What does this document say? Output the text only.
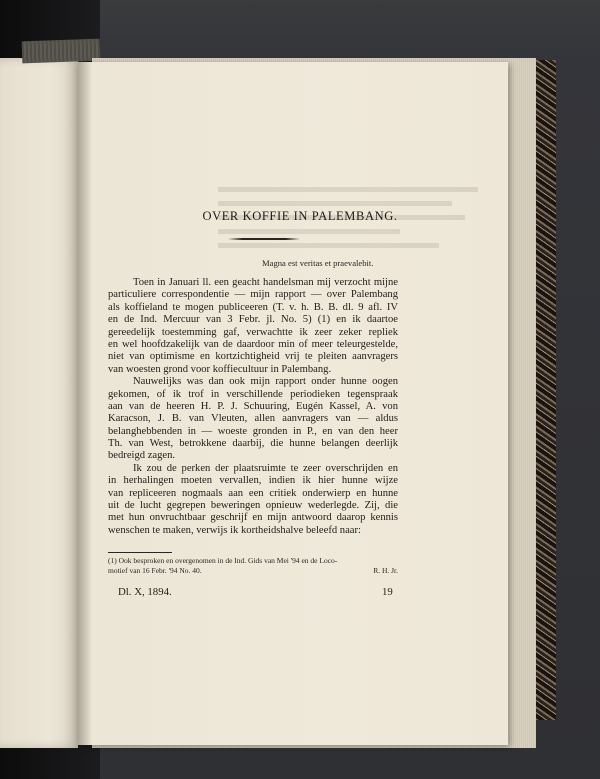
OVER KOFFIE IN PALEMBANG.
Magna est veritas et praevalebit.
Toen in Januari ll. een geacht handelsman mij verzocht mijne
particuliere correspondentie — mijn rapport — over Palembang
als koffieland te mogen publiceeren (T. v. h. B. B. dl. 9 afl. IV
en de Ind. Mercuur van 3 Febr. jl. No. 5) (1) en ik daartoe
gereedelijk toestemming gaf, verwachtte ik zeer zeker repliek
en wel hoofdzakelijk van de daardoor min of meer teleurgestelde,
niet van optimisme en kortzichtigheid vrij te pleiten aanvragers
van woesten grond voor koffiecultuur in Palembang.
Nauwelijks was dan ook mijn rapport onder hunne oogen
gekomen, of ik trof in verschillende periodieken tegenspraak
aan van de heeren H. P. J. Schuuring, Eugén Kassel, A. von
Karacson, J. B. van Vleuten, allen aanvragers van — aldus
belanghebbenden in — woeste gronden in P., en van den heer
Th. van West, betrokkene daarbij, die hunne belangen deerlijk
bedreigd zagen.
Ik zou de perken der plaatsruimte te zeer overschrijden en
in herhalingen moeten vervallen, indien ik hier hunne wijze
van repliceeren nogmaals aan een critiek onderwierp en hunne
uit de lucht gegrepen beweringen opnieuw wederlegde. Zij, die
met hun onvruchtbaar geschrijf en mijn antwoord daarop kennis
wenschen te maken, verwijs ik kortheidshalve beleefd naar:
(1) Ook besproken en overgenomen in de Ind. Gids van Mei '94 en de Loco-
motief van 16 Febr. '94 No. 40.	R. H. Jr.
Dl. X, 1894.	19
